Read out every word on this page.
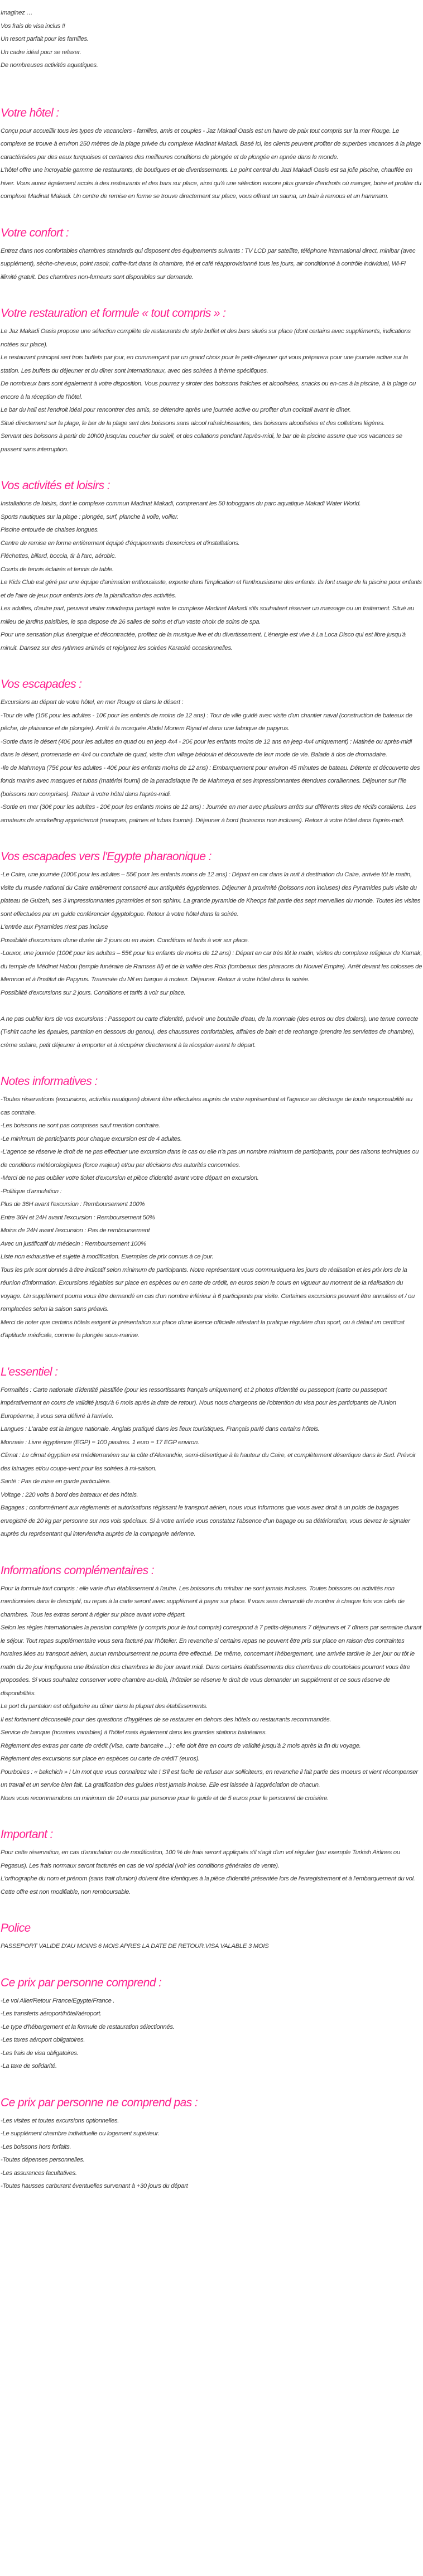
Imaginez …

Vos frais de visa inclus !!

Un resort parfait pour les familles.

Un cadre idéal pour se relaxer.

De nombreuses activités aquatiques.

Votre hôtel :

Conçu pour accueillir tous les types de vacanciers - familles, amis et couples - Jaz Makadi Oasis est un havre de paix tout compris sur la mer Rouge. Le complexe se trouve à environ 250 mètres de la plage privée du complexe Madinat Makadi. Basé ici, les clients peuvent profiter de superbes vacances à la plage caractérisées par des eaux turquoises et certaines des meilleures conditions de plongée et de plongée en apnée dans le monde.

L'hôtel offre une incroyable gamme de restaurants, de boutiques et de divertissements. Le point central du Jazl Makadi Oasis est sa jolie piscine, chauffée en hiver. Vous aurez également accès à des restaurants et des bars sur place, ainsi qu'à une sélection encore plus grande d'endroits où manger, boire et profiter du complexe Madinat Makadi. Un centre de remise en forme se trouve directement sur place, vous offrant un sauna, un bain à remous et un hammam.

Votre confort :

Entrez dans nos confortables chambres standards qui disposent des équipements suivants : TV LCD par satellite, téléphone international direct, minibar (avec supplément), sèche-cheveux, point rasoir, coffre-fort dans la chambre, thé et café réapprovisionné tous les jours, air conditionné à contrôle individuel, Wi-Fi illimité gratuit. Des chambres non-fumeurs sont disponibles sur demande.

Votre restauration et formule « tout compris » :

Le Jaz Makadi Oasis propose une sélection complète de restaurants de style buffet et des bars situés sur place (dont certains avec suppléments, indications notées sur place).

Le restaurant principal sert trois buffets par jour, en commençant par un grand choix pour le petit-déjeuner qui vous préparera pour une journée active sur la station. Les buffets du déjeuner et du dîner sont internationaux, avec des soirées à thème spécifiques.

De nombreux bars sont également à votre disposition. Vous pourrez y siroter des boissons fraîches et alcoolisées, snacks ou en-cas à la piscine, à la plage ou encore à la réception de l'hôtel.

Le bar du hall est l'endroit idéal pour rencontrer des amis, se détendre après une journée active ou profiter d'un cocktail avant le dîner.

Situé directement sur la plage, le bar de la plage sert des boissons sans alcool rafraîchissantes, des boissons alcoolisées et des collations légères.

Servant des boissons à partir de 10h00 jusqu'au coucher du soleil, et des collations pendant l'après-midi, le bar de la piscine assure que vos vacances se passent sans interruption.

Vos activités et loisirs :

Installations de loisirs, dont le complexe commun Madinat Makadi, comprenant les 50 toboggans du parc aquatique Makadi Water World.

Sports nautiques sur la plage : plongée, surf, planche à voile, voilier.

Piscine entourée de chaises longues.

Centre de remise en forme entièrement équipé d'équipements d'exercices et d'installations.

Fléchettes, billard, boccia, tir à l'arc, aérobic.

Courts de tennis éclairés et tennis de table.

Le Kids Club est géré par une équipe d'animation enthousiaste, experte dans l'implication et l'enthousiasme des enfants. Ils font usage de la piscine pour enfants et de l'aire de jeux pour enfants lors de la planification des activités.

Les adultes, d'autre part, peuvent visiter mividaspa partagé entre le complexe Madinat Makadi s'ils souhaitent réserver un massage ou un traitement. Situé au milieu de jardins paisibles, le spa dispose de 26 salles de soins et d'un vaste choix de soins de spa.

Pour une sensation plus énergique et décontractée, profitez de la musique live et du divertissement. L'énergie est vive à La Loca Disco qui est libre jusqu'à minuit. Dansez sur des rythmes animés et rejoignez les soirées Karaoké occasionnelles.

Vos escapades :

Excursions au départ de votre hôtel, en mer Rouge et dans le désert :

-Tour de ville (15€ pour les adultes - 10€ pour les enfants de moins de 12 ans) : Tour de ville guidé avec visite d'un chantier naval (construction de bateaux de pêche, de plaisance et de plongée). Arrêt à la mosquée Abdel Monem Riyad et dans une fabrique de papyrus.

-Sortie dans le désert (40€ pour les adultes en quad ou en jeep 4x4 - 20€ pour les enfants moins de 12 ans en jeep 4x4 uniquement) : Matinée ou après-midi dans le désert, promenade en 4x4 ou conduite de quad, visite d'un village bédouin et découverte de leur mode de vie. Balade à dos de dromadaire.

-Ile de Mahmeya (75€ pour les adultes - 40€ pour les enfants moins de 12 ans) : Embarquement pour environ 45 minutes de bateau. Détente et découverte des fonds marins avec masques et tubas (matériel fourni) de la paradisiaque île de Mahmeya et ses impressionnantes étendues coralliennes. Déjeuner sur l'île (boissons non comprises). Retour à votre hôtel dans l'après-midi.

-Sortie en mer (30€ pour les adultes - 20€ pour les enfants moins de 12 ans) : Journée en mer avec plusieurs arrêts sur différents sites de récifs coralliens. Les amateurs de snorkelling apprécieront (masques, palmes et tubas fournis). Déjeuner à bord (boissons non incluses). Retour à votre hôtel dans l'après-midi.

Vos escapades vers l'Egypte pharaonique :

-Le Caire, une journée (100€ pour les adultes – 55€ pour les enfants moins de 12 ans) : Départ en car dans la nuit à destination du Caire, arrivée tôt le matin, visite du musée national du Caire entièrement consacré aux antiquités égyptiennes. Déjeuner à proximité (boissons non incluses) des Pyramides puis visite du plateau de Guizeh, ses 3 impressionnantes pyramides et son sphinx. La grande pyramide de Kheops fait partie des sept merveilles du monde. Toutes les visites sont effectuées par un guide conférencier égyptologue. Retour à votre hôtel dans la soirée.

L'entrée aux Pyramides n'est pas incluse

Possibilité d'excursions d'une durée de 2 jours ou en avion. Conditions et tarifs à voir sur place.

-Louxor, une journée (100€ pour les adultes – 55€ pour les enfants de moins de 12 ans) : Départ en car très tôt le matin, visites du complexe religieux de Karnak, du temple de Médinet Habou (temple funéraire de Ramses III) et de la vallée des Rois (tombeaux des pharaons du Nouvel Empire). Arrêt devant les colosses de Memnon et à l'institut de Papyrus. Traversée du Nil en barque à moteur. Déjeuner. Retour à votre hôtel dans la soirée.

Possibilité d'excursions sur 2 jours. Conditions et tarifs à voir sur place.

A ne pas oublier lors de vos excursions : Passeport ou carte d'identité, prévoir une bouteille d'eau, de la monnaie (des euros ou des dollars), une tenue correcte (T-shirt cache les épaules, pantalon en dessous du genou), des chaussures confortables, affaires de bain et de rechange (prendre les serviettes de chambre), crème solaire, petit déjeuner à emporter et à récupérer directement à la réception avant le départ.

Notes informatives :

-Toutes réservations (excursions, activités nautiques) doivent être effectuées auprès de votre représentant et l'agence se décharge de toute responsabilité au cas contraire.

-Les boissons ne sont pas comprises sauf mention contraire.

-Le minimum de participants pour chaque excursion est de 4 adultes.

-L'agence se réserve le droit de ne pas effectuer une excursion dans le cas ou elle n'a pas un nombre minimum de participants, pour des raisons techniques ou de conditions météorologiques (force majeur) et/ou par décisions des autorités concernées.

-Merci de ne pas oublier votre ticket d'excursion et pièce d'identité avant votre départ en excursion.

-Politique d'annulation :

Plus de 36H avant l'excursion : Remboursement 100%

Entre 36H et 24H avant l'excursion : Remboursement 50%

Moins de 24H avant l'excursion : Pas de remboursement

Avec un justificatif du médecin : Remboursement 100%

Liste non exhaustive et sujette à modification. Exemples de prix connus à ce jour.

Tous les prix sont donnés à titre indicatif selon minimum de participants. Notre représentant vous communiquera les jours de réalisation et les prix lors de la réunion d'information. Excursions réglables sur place en espèces ou en carte de crédit, en euros selon le cours en vigueur au moment de la réalisation du voyage. Un supplément pourra vous être demandé en cas d'un nombre inférieur à 6 participants par visite. Certaines excursions peuvent être annulées et / ou remplacées selon la saison sans préavis.

Merci de noter que certains hôtels exigent la présentation sur place d'une licence officielle attestant la pratique régulière d'un sport, ou à défaut un certificat d'aptitude médicale, comme la plongée sous-marine.

L'essentiel :

Formalités : Carte nationale d'identité plastifiée (pour les ressortissants français uniquement) et 2 photos d'identité ou passeport (carte ou passeport impérativement en cours de validité jusqu'à 6 mois après la date de retour). Nous nous chargeons de l'obtention du visa pour les participants de l'Union Européenne, il vous sera délivré à l'arrivée.

Langues : L'arabe est la langue nationale. Anglais pratiqué dans les lieux touristiques. Français parlé dans certains hôtels.

Monnaie : Livre égyptienne (EGP) = 100 piastres. 1 euro = 17 EGP environ.

Climat : Le climat égyptien est méditerranéen sur la côte d'Alexandrie, semi-désertique à la hauteur du Caire, et complètement désertique dans le Sud. Prévoir des lainages et/ou coupe-vent pour les soirées à mi-saison.

Santé : Pas de mise en garde particulière.

Voltage : 220 volts à bord des bateaux et des hôtels.

Bagages : conformément aux règlements et autorisations régissant le transport aérien, nous vous informons que vous avez droit à un poids de bagages enregistré de 20 kg par personne sur nos vols spéciaux. Si à votre arrivée vous constatez l'absence d'un bagage ou sa détérioration, vous devrez le signaler auprès du représentant qui interviendra auprès de la compagnie aérienne.

Informations complémentaires :

Pour la formule tout compris : elle varie d'un établissement à l'autre. Les boissons du minibar ne sont jamais incluses. Toutes boissons ou activités non mentionnées dans le descriptif, ou repas à la carte seront avec supplément à payer sur place. Il vous sera demandé de montrer à chaque fois vos clefs de chambres. Tous les extras seront à régler sur place avant votre départ.

Selon les règles internationales la pension complète (y compris pour le tout compris) correspond à 7 petits-déjeuners 7 déjeuners et 7 dîners par semaine durant le séjour. Tout repas supplémentaire vous sera facturé par l'hôtelier. En revanche si certains repas ne peuvent être pris sur place en raison des contraintes horaires liées au transport aérien, aucun remboursement ne pourra être effectué. De même, concernant l'hébergement, une arrivée tardive le 1er jour ou tôt le matin du 2e jour impliquera une libération des chambres le 8e jour avant midi. Dans certains établissements des chambres de courtoisies pourront vous être proposées. Si vous souhaitez conserver votre chambre au-delà, l'hôtelier se réserve le droit de vous demander un supplément et ce sous réserve de disponibilités.

Le port du pantalon est obligatoire au dîner dans la plupart des établissements.

Il est fortement déconseillé pour des questions d'hygiènes de se restaurer en dehors des hôtels ou restaurants recommandés.

Service de banque (horaires variables) à l'hôtel mais également dans les grandes stations balnéaires.

Règlement des extras par carte de crédit (Visa, carte bancaire ...) : elle doit être en cours de validité jusqu'à 2 mois après la fin du voyage.

Règlement des excursions sur place en espèces ou carte de crédiT (euros).

Pourboires : « bakchich » ! Un mot que vous connaîtrez vite ! S'il est facile de refuser aux solliciteurs, en revanche il fait partie des moeurs et vient récompenser un travail et un service bien fait. La gratification des guides n'est jamais incluse. Elle est laissée à l'appréciation de chacun.

Nous vous recommandons un minimum de 10 euros par personne pour le guide et de 5 euros pour le personnel de croisière.

Important :

Pour cette réservation, en cas d'annulation ou de modification, 100 % de frais seront appliqués s'il s'agit d'un vol régulier (par exemple Turkish Airlines ou Pegasus). Les frais normaux seront facturés en cas de vol spécial (voir les conditions générales de vente).

L'orthographe du nom et prénom (sans trait d'union) doivent être identiques à la pièce d'identité présentée lors de l'enregistrement et à l'embarquement du vol.

Cette offre est non modifiable, non remboursable.

Police

PASSEPORT VALIDE D'AU MOINS 6 MOIS APRES LA DATE DE RETOUR.VISA VALABLE 3 MOIS

Ce prix par personne comprend :

-Le vol Aller/Retour France/Egypte/France .

-Les transferts aéroport/hôtel/aéroport.

-Le type d'hébergement et la formule de restauration sélectionnés.

-Les taxes aéroport obligatoires.

-Les frais de visa obligatoires.

-La taxe de solidarité.

Ce prix par personne ne comprend pas :

-Les visites et toutes excursions optionnelles.

-Le supplément chambre individuelle ou logement supérieur.

-Les boissons hors forfaits.

-Toutes dépenses personnelles.

-Les assurances facultatives.

-Toutes hausses carburant éventuelles survenant à +30 jours du départ
